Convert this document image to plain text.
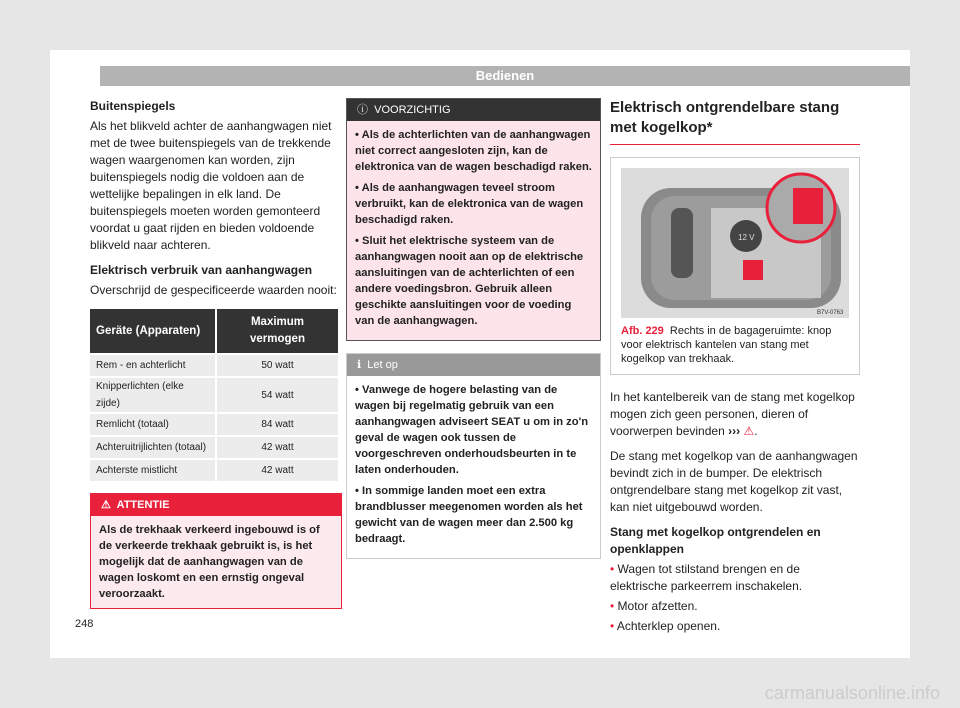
Bedienen
Buitenspiegels

Als het blikveld achter de aanhangwagen niet met de twee buitenspiegels van de trekkende wagen waargenomen kan worden, zijn buitenspiegels nodig die voldoen aan de wettelijke bepalingen in elk land. De buitenspiegels moeten worden gemonteerd voordat u gaat rijden en bieden voldoende blikveld naar achteren.

Elektrisch verbruik van aanhangwagen

Overschrijd de gespecificeerde waarden nooit:

Geräte (Apparaten)	Maximum vermogen
Rem - en achterlicht	50 watt
Knipperlichten (elke zijde)	54 watt
Remlicht (totaal)	84 watt
Achteruitrijlichten (totaal)	42 watt
Achterste mistlicht	42 watt
⚠  ATTENTIE
Als de trekhaak verkeerd ingebouwd is of de verkeerde trekhaak gebruikt is, is het mogelijk dat de aanhangwagen van de wagen loskomt en een ernstig ongeval veroorzaakt.
ⓘ  VOORZICHTIG
• Als de achterlichten van de aanhangwagen niet correct aangesloten zijn, kan de elektronica van de wagen beschadigd raken.
• Als de aanhangwagen teveel stroom verbruikt, kan de elektronica van de wagen beschadigd raken.
• Sluit het elektrische systeem van de aanhangwagen nooit aan op de elektrische aansluitingen van de achterlichten of een andere voedingsbron. Gebruik alleen geschikte aansluitingen voor de voeding van de aanhangwagen.
ℹ  Let op
• Vanwege de hogere belasting van de wagen bij regelmatig gebruik van een aanhangwagen adviseert SEAT u om in zo'n geval de wagen ook tussen de voorgeschreven onderhoudsbeurten in te laten onderhouden.
• In sommige landen moet een extra brandblusser meegenomen worden als het gewicht van de wagen meer dan 2.500 kg bedraagt.
Elektrisch ontgrendelbare stang met kogelkop*
12 V
B7V-0763
Afb. 229 Rechts in de bagageruimte: knop voor elektrisch kantelen van stang met kogelkop van trekhaak.

In het kantelbereik van de stang met kogelkop mogen zich geen personen, dieren of voorwerpen bevinden ››› ⚠.

De stang met kogelkop van de aanhangwagen bevindt zich in de bumper. De elektrisch ontgrendelbare stang met kogelkop zit vast, kan niet uitgebouwd worden.

Stang met kogelkop ontgrendelen en openklappen
• Wagen tot stilstand brengen en de elektrische parkeerrem inschakelen.
• Motor afzetten.
• Achterklep openen.
248
carmanualsonline.info
